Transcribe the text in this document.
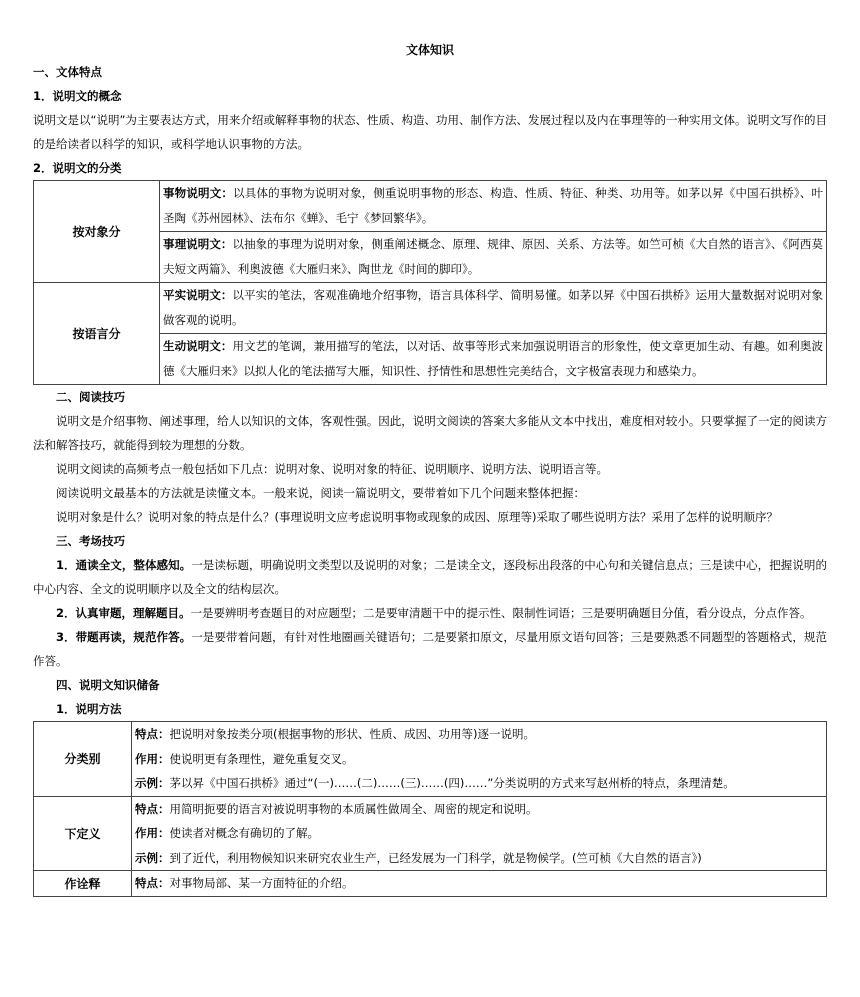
文体知识
一、文体特点
1．说明文的概念
说明文是以“说明”为主要表达方式，用来介绍或解释事物的状态、性质、构造、功用、制作方法、发展过程以及内在事理等的一种实用文体。说明文写作的目的是给读者以科学的知识，或科学地认识事物的方法。
2．说明文的分类
按对象分	事物说明文：以具体的事物为说明对象，侧重说明事物的形态、构造、性质、特征、种类、功用等。如茅以昇《中国石拱桥》、叶圣陶《苏州园林》、法布尔《蝉》、毛宁《梦回繁华》。
	事理说明文：以抽象的事理为说明对象，侧重阐述概念、原理、规律、原因、关系、方法等。如竺可桢《大自然的语言》、《阿西莫夫短文两篇》、利奥波德《大雁归来》、陶世龙《时间的脚印》。
按语言分	平实说明文：以平实的笔法，客观准确地介绍事物，语言具体科学、简明易懂。如茅以昇《中国石拱桥》运用大量数据对说明对象做客观的说明。
	生动说明文：用文艺的笔调，兼用描写的笔法，以对话、故事等形式来加强说明语言的形象性，使文章更加生动、有趣。如利奥波德《大雁归来》以拟人化的笔法描写大雁，知识性、抒情性和思想性完美结合，文字极富表现力和感染力。
二、阅读技巧
说明文是介绍事物、阐述事理，给人以知识的文体，客观性强。因此，说明文阅读的答案大多能从文本中找出，难度相对较小。只要掌握了一定的阅读方法和解答技巧，就能得到较为理想的分数。
说明文阅读的高频考点一般包括如下几点：说明对象、说明对象的特征、说明顺序、说明方法、说明语言等。
阅读说明文最基本的方法就是读懂文本。一般来说，阅读一篇说明文，要带着如下几个问题来整体把握：
说明对象是什么？说明对象的特点是什么？(事理说明文应考虑说明事物或现象的成因、原理等)采取了哪些说明方法？采用了怎样的说明顺序？
三、考场技巧
1．通读全文，整体感知。一是读标题，明确说明文类型以及说明的对象；二是读全文，逐段标出段落的中心句和关键信息点；三是读中心，把握说明的中心内容、全文的说明顺序以及全文的结构层次。
2．认真审题，理解题目。一是要辨明考查题目的对应题型；二是要审清题干中的提示性、限制性词语；三是要明确题目分值，看分设点，分点作答。
3．带题再读，规范作答。一是要带着问题，有针对性地圈画关键语句；二是要紧扣原文，尽量用原文语句回答；三是要熟悉不同题型的答题格式，规范作答。
四、说明文知识储备
1．说明方法
分类别	特点：把说明对象按类分项(根据事物的形状、性质、成因、功用等)逐一说明。
作用：使说明更有条理性，避免重复交叉。
示例：茅以昇《中国石拱桥》通过“(一)……(二)……(三)……(四)……”分类说明的方式来写赵州桥的特点，条理清楚。

下定义	特点：用简明扼要的语言对被说明事物的本质属性做周全、周密的规定和说明。
作用：使读者对概念有确切的了解。
示例：到了近代，利用物候知识来研究农业生产，已经发展为一门科学，就是物候学。(竺可桢《大自然的语言》)

作诠释	特点：对事物局部、某一方面特征的介绍。
